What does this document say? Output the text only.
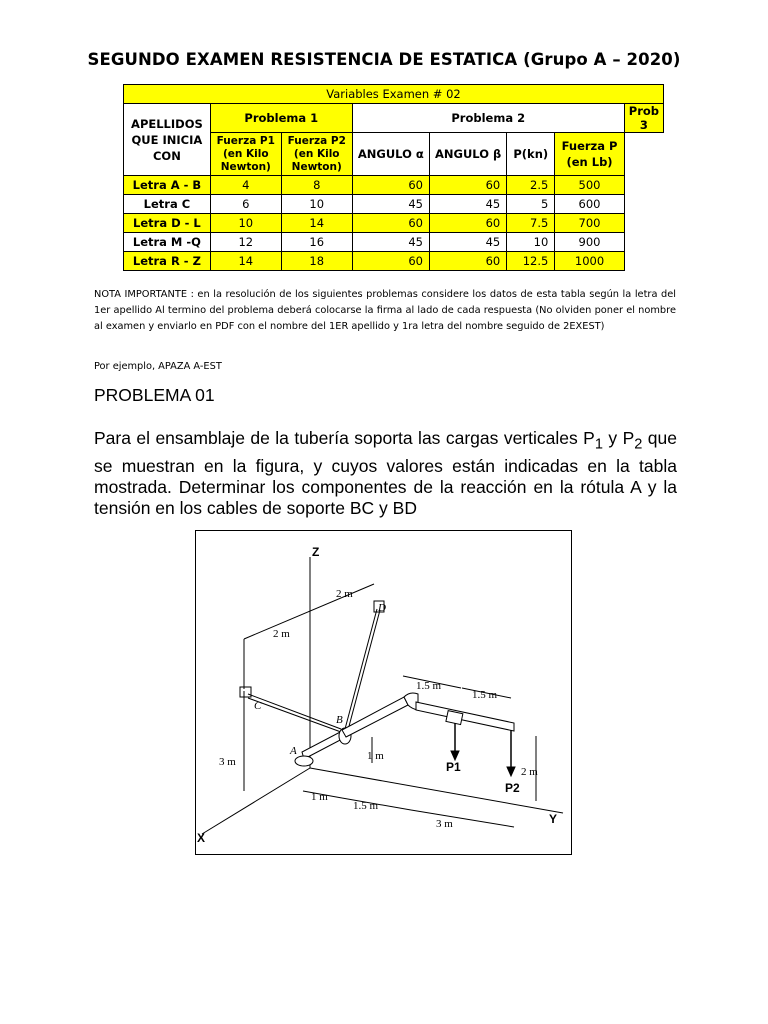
SEGUNDO EXAMEN RESISTENCIA DE ESTATICA (Grupo A – 2020)
Variables Examen # 02							
APELLIDOS QUE INICIA CON	Problema 1		Problema 2				Prob 3
	Fuerza P1 (en Kilo Newton)	Fuerza P2 (en Kilo Newton)	ANGULO α	ANGULO β	P(kn)	Fuerza P (en Lb)	
Letra A - B	4	8	60	60	2.5	500	
Letra C	6	10	45	45	5	600	
Letra D - L	10	14	60	60	7.5	700	
Letra M -Q	12	16	45	45	10	900	
Letra R - Z	14	18	60	60	12.5	1000	
NOTA IMPORTANTE : en la resolución de los siguientes problemas considere los datos de esta tabla según la letra del 1er apellido Al termino del problema deberá colocarse la firma al lado de cada respuesta (No olviden poner el nombre al examen y enviarlo en PDF con el nombre del 1ER apellido y 1ra letra del nombre seguido de 2EXEST)
Por ejemplo, APAZA A-EST
PROBLEMA 01
Para el ensamblaje de la tubería soporta las cargas verticales $P_1$ y $P_2$ que se muestran en la figura, y cuyos valores están indicadas en la tabla mostrada. Determinar los componentes de la reacción en la rótula A y la tensión en los cables de soporte BC y BD
Z
Y
X
C
D
B
A
P1
P2
2 m
2 m
3 m	1 m
1.5 m
1.5 m
2 m
1 m
1.5 m
3 m
